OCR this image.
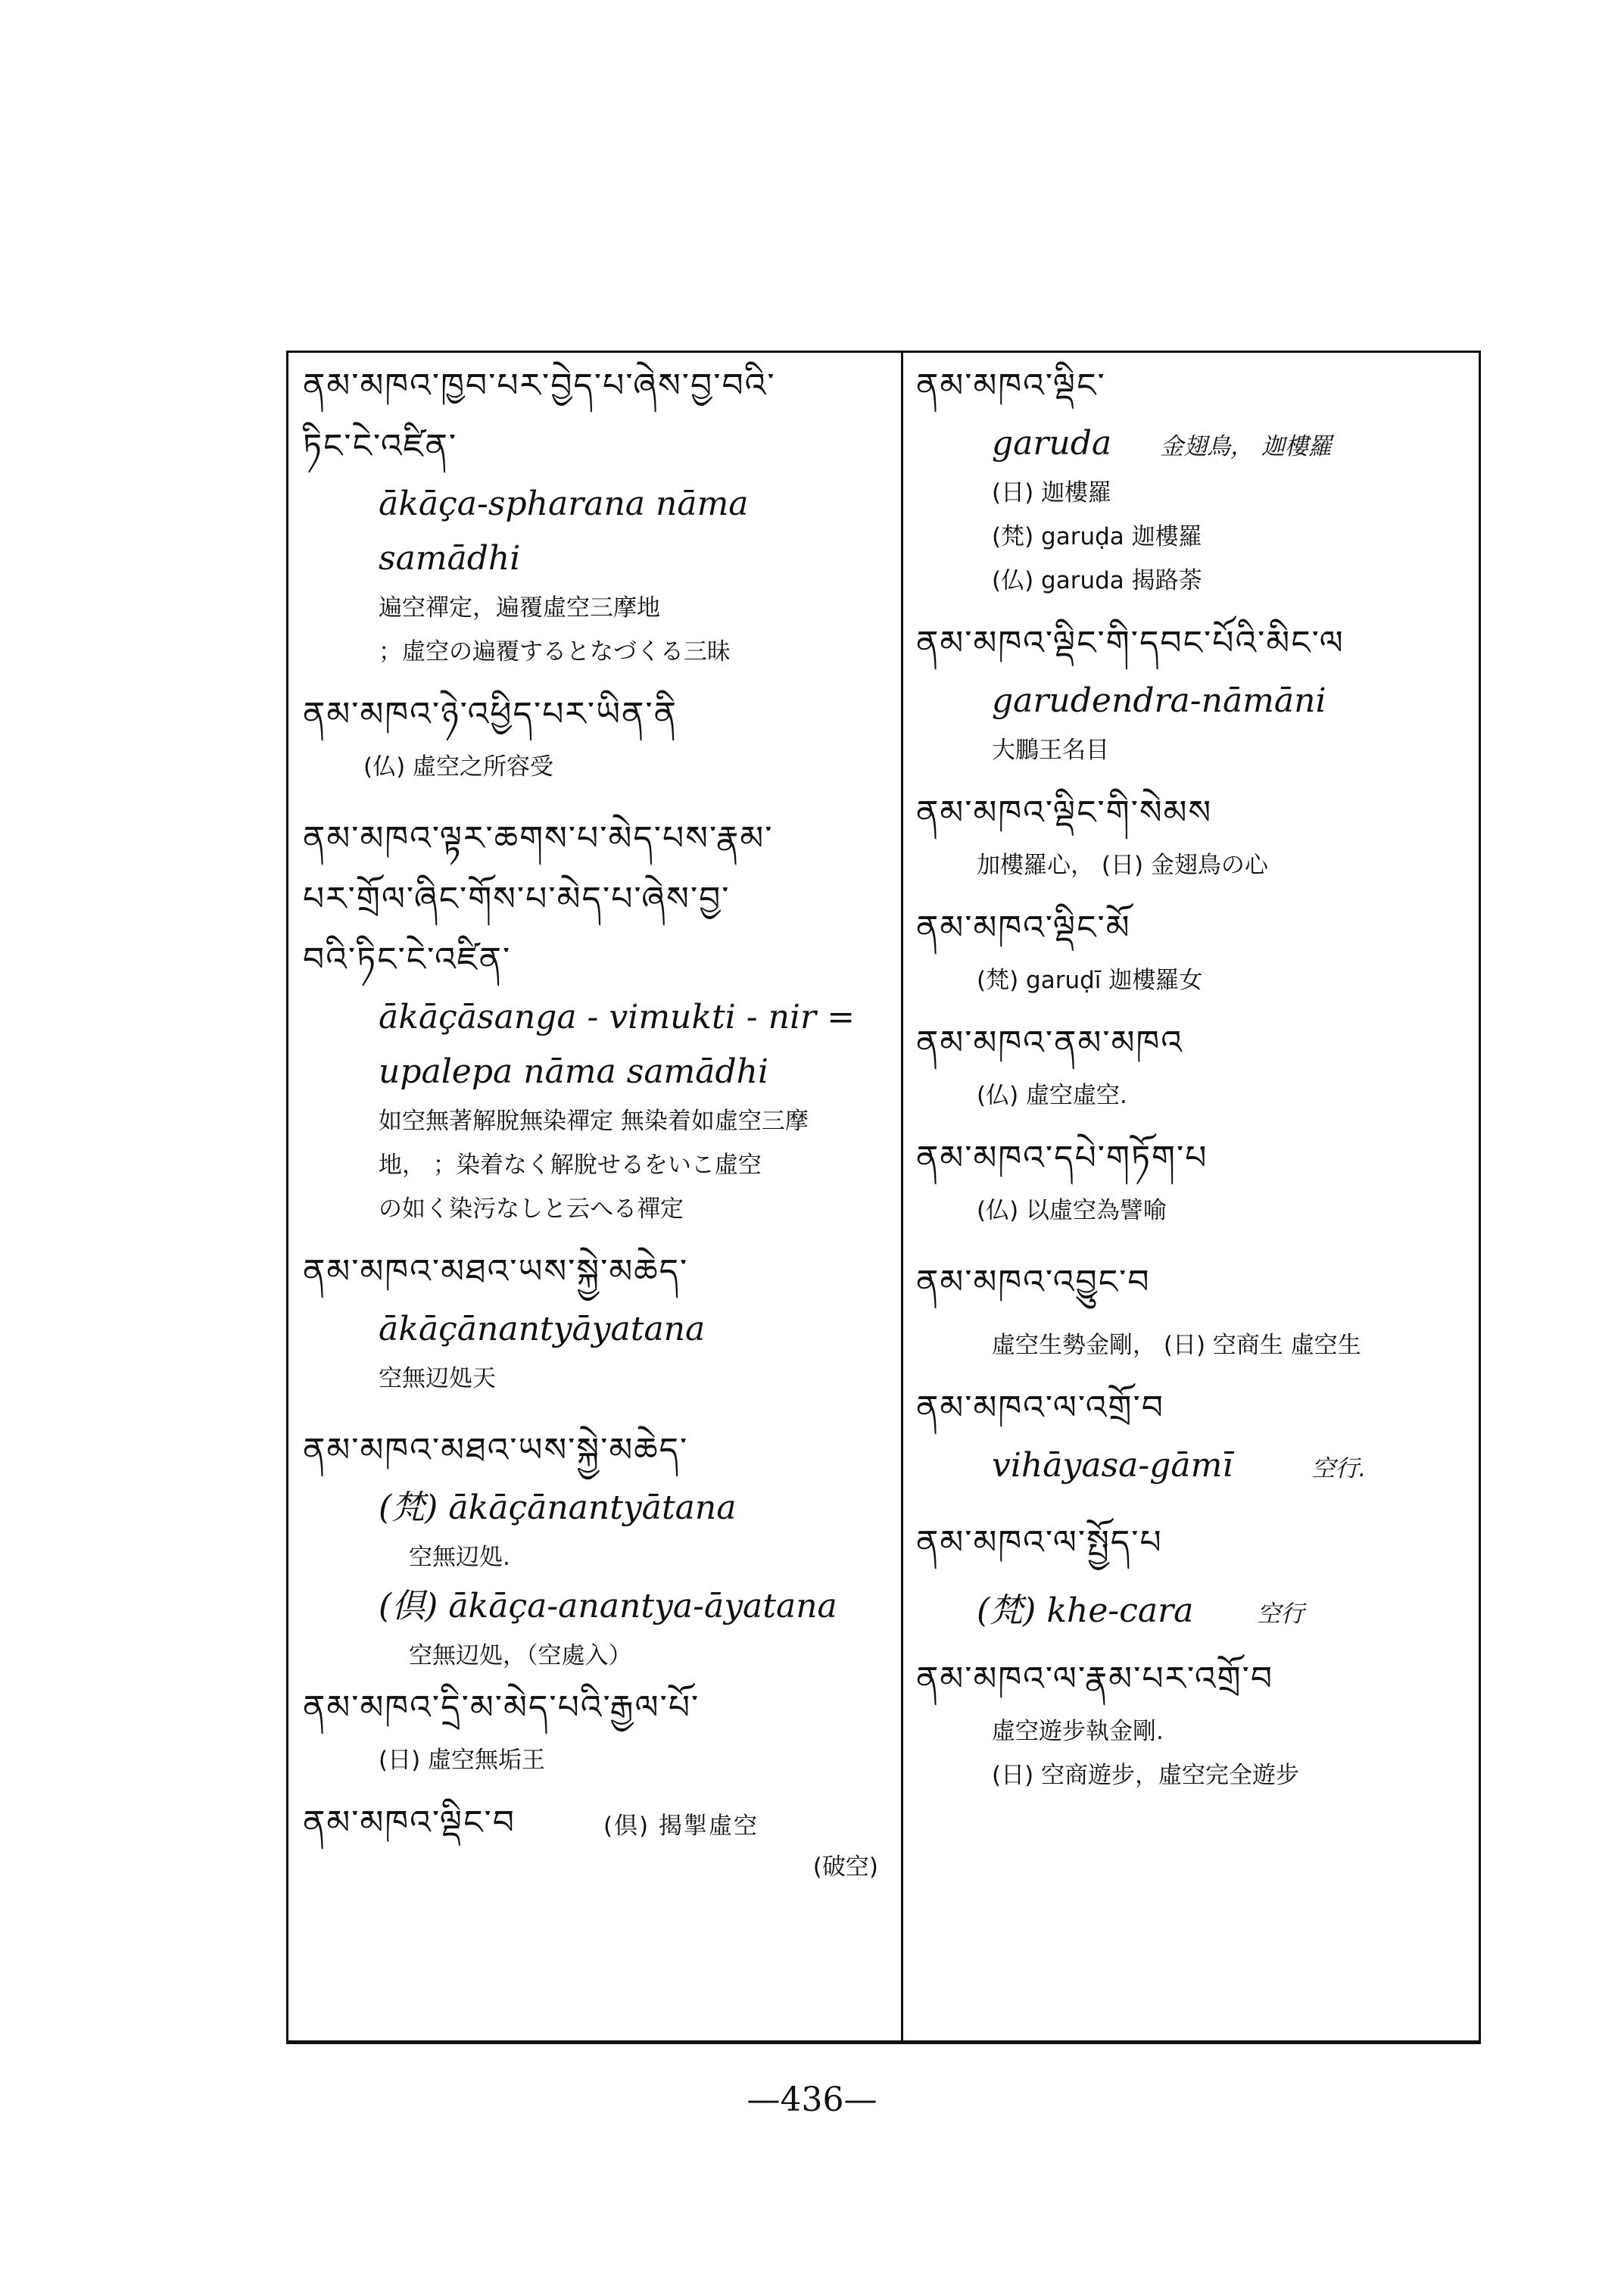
ནམ་མཁའ་ཁྱབ་པར་བྱེད་པ་ཞེས་བྱ་བའི་
ཏིང་ངེ་འཛིན་
ākāça-spharana nāma
samādhi
遍空禪定，遍覆虛空三摩地
；虛空の遍覆するとなづくる三昧
ནམ་མཁའ་ཉེ་འཕྱིད་པར་ཡིན་ནི
(仏) 虛空之所容受
ནམ་མཁའ་ལྟར་ཆགས་པ་མེད་པས་རྣམ་
པར་གྲོལ་ཞིང་གོས་པ་མེད་པ་ཞེས་བྱ་
བའི་ཏིང་ངེ་འཛིན་
ākāçāsanga - vimukti - nir =
upalepa nāma samādhi
如空無著解脫無染禪定 無染着如虛空三摩
地， ；染着なく解脫せるをいこ虛空
の如く染污なしと云へる禪定
ནམ་མཁའ་མཐའ་ཡས་སྐྱེ་མཆེད་
ākāçānantyāyatana
空無辺処天
ནམ་མཁའ་མཐའ་ཡས་སྐྱེ་མཆེད་
(梵) ākāçānantyātana
空無辺処.
(倶) ākāça-anantya-āyatana
空無辺処，（空處入）
ནམ་མཁའ་དྲི་མ་མེད་པའི་རྒྱལ་པོ་
(日) 虛空無垢王
ནམ་མཁའ་ལྡིང་བ	(倶) 揭掣虛空
(破空)
ནམ་མཁའ་ལྡིང་
garuda 金翅鳥， 迦樓羅
(日) 迦樓羅
(梵) garuḍa 迦樓羅
(仏) garuda 揭路荼
ནམ་མཁའ་ལྡིང་གི་དབང་པོའི་མིང་ལ
garudendra-nāmāni
大鵬王名目
ནམ་མཁའ་ལྡིང་གི་སེམས
加樓羅心， (日) 金翅鳥の心
ནམ་མཁའ་ལྡིང་མོ
(梵) garuḍī 迦樓羅女
ནམ་མཁའ་ནམ་མཁའ
(仏) 虛空虛空.
ནམ་མཁའ་དཔེ་གཏོག་པ
(仏) 以虛空為譬喻
ནམ་མཁའ་འབྱུང་བ
虛空生勢金剛， (日) 空商生 虛空生
ནམ་མཁའ་ལ་འགྲོ་བ
vihāyasa-gāmī	空行.
ནམ་མཁའ་ལ་སྤྱོད་པ
(梵) khe-cara	空行
ནམ་མཁའ་ལ་རྣམ་པར་འགྲོ་བ
虛空遊步執金剛.
(日) 空商遊步，虛空完全遊步
—436—
